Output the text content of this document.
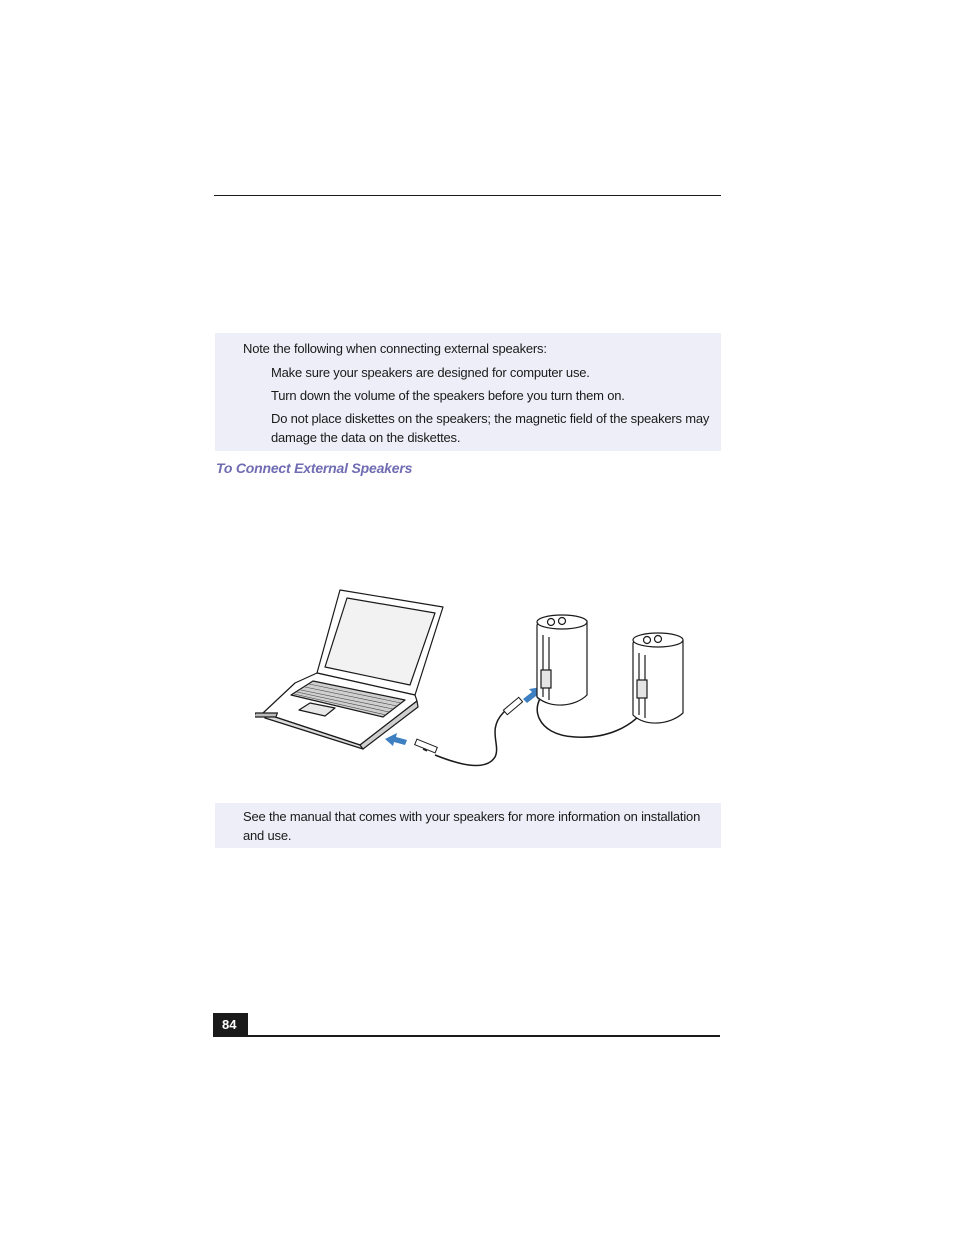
Note the following when connecting external speakers:
Make sure your speakers are designed for computer use.
Turn down the volume of the speakers before you turn them on.
Do not place diskettes on the speakers; the magnetic field of the speakers may damage the data on the diskettes.
To Connect External Speakers
See the manual that comes with your speakers for more information on installation and use.
84
